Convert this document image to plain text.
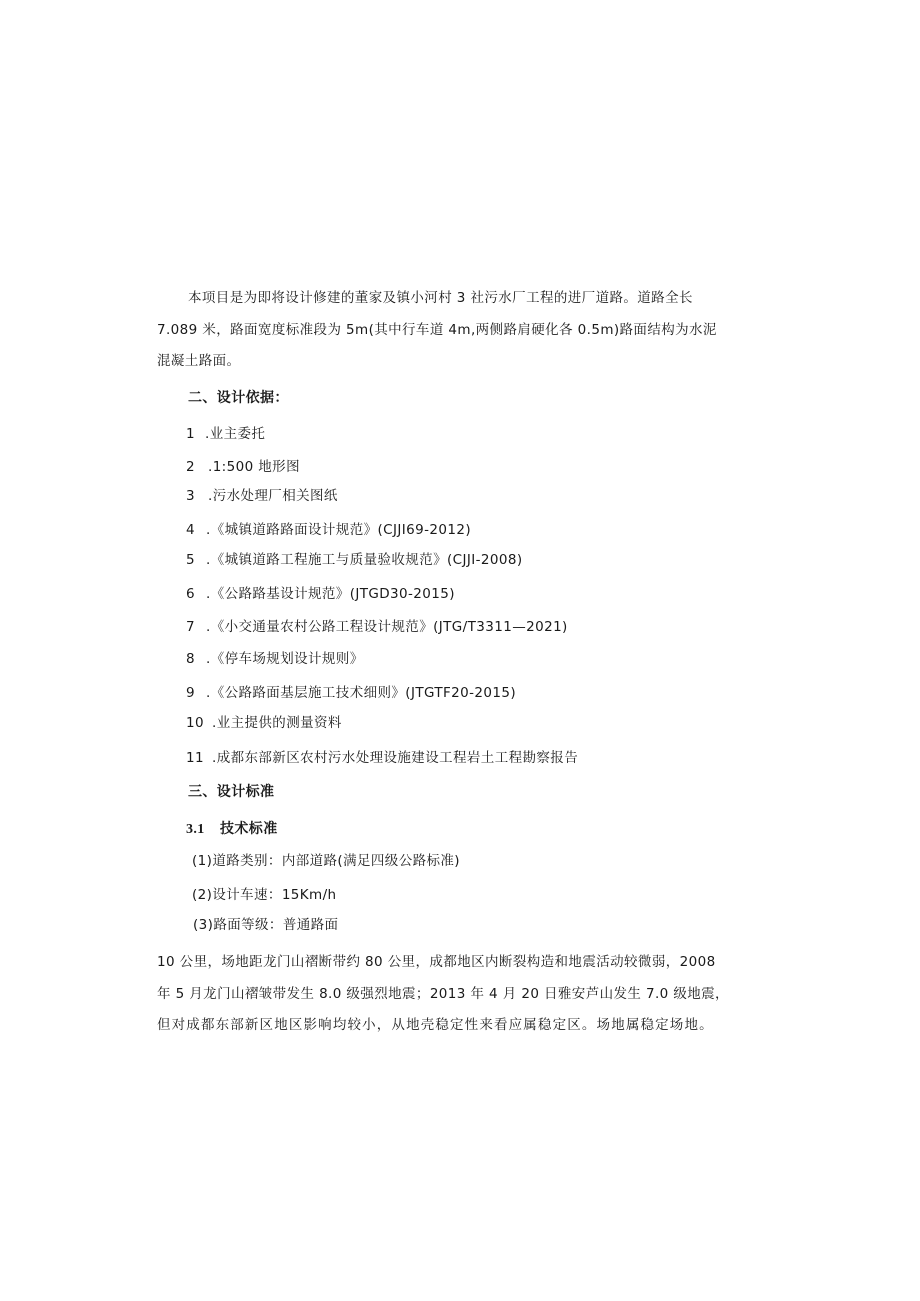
本项目是为即将设计修建的董家及镇小河村 3 社污水厂工程的进厂道路。道路全长
7.089 米，路面宽度标准段为 5m(其中行车道 4m,两侧路肩硬化各 0.5m)路面结构为水泥
混凝土路面。
二、设计依据：
1 .业主委托
2 .1:500 地形图
3 .污水处理厂相关图纸
4 .《城镇道路路面设计规范》(CJJI69-2012)
5 .《城镇道路工程施工与质量验收规范》(CJJI-2008)
6 .《公路路基设计规范》(JTGD30-2015)
7 .《小交通量农村公路工程设计规范》(JTG/T3311—2021)
8 .《停车场规划设计规则》
9 .《公路路面基层施工技术细则》(JTGTF20-2015)
10 .业主提供的测量资料
11 .成都东部新区农村污水处理设施建设工程岩土工程勘察报告
三、设计标准
3.1 技术标准
(1)道路类别：内部道路(满足四级公路标准)
(2)设计车速：15Km/h
(3)路面等级：普通路面
10 公里，场地距龙门山褶断带约 80 公里，成都地区内断裂构造和地震活动较微弱，2008
年 5 月龙门山褶皱带发生 8.0 级强烈地震；2013 年 4 月 20 日雅安芦山发生 7.0 级地震，
但对成都东部新区地区影响均较小，从地壳稳定性来看应属稳定区。场地属稳定场地。
